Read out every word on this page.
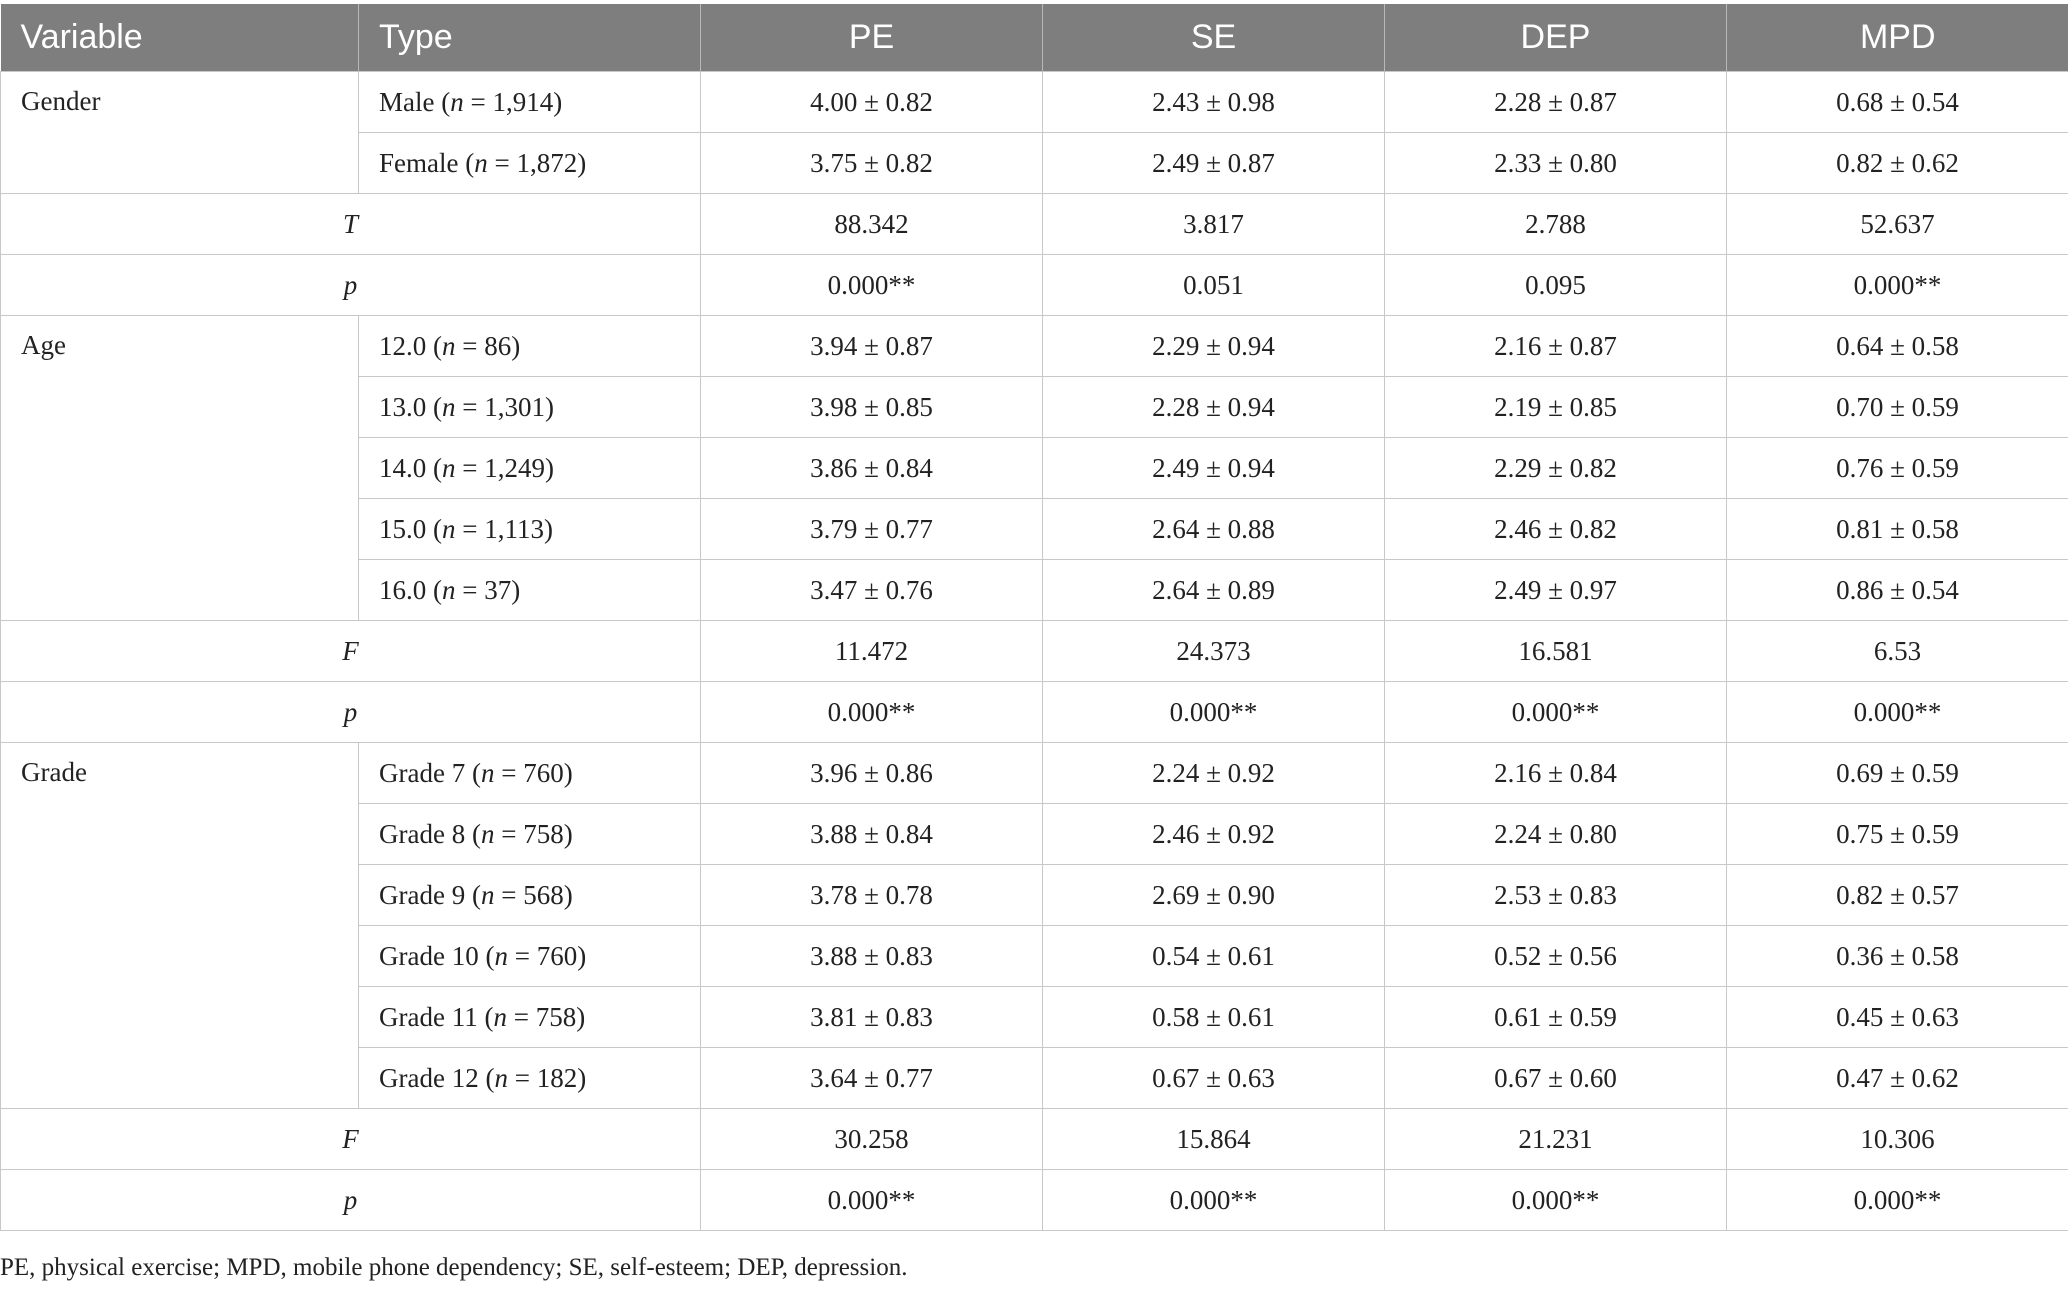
Variable	Type	PE	SE	DEP	MPD
Gender	Male (n = 1,914)	4.00 ± 0.82	2.43 ± 0.98	2.28 ± 0.87	0.68 ± 0.54
	Female (n = 1,872)	3.75 ± 0.82	2.49 ± 0.87	2.33 ± 0.80	0.82 ± 0.62
T		88.342	3.817	2.788	52.637
p		0.000**	0.051	0.095	0.000**
Age	12.0 (n = 86)	3.94 ± 0.87	2.29 ± 0.94	2.16 ± 0.87	0.64 ± 0.58
	13.0 (n = 1,301)	3.98 ± 0.85	2.28 ± 0.94	2.19 ± 0.85	0.70 ± 0.59
	14.0 (n = 1,249)	3.86 ± 0.84	2.49 ± 0.94	2.29 ± 0.82	0.76 ± 0.59
	15.0 (n = 1,113)	3.79 ± 0.77	2.64 ± 0.88	2.46 ± 0.82	0.81 ± 0.58
	16.0 (n = 37)	3.47 ± 0.76	2.64 ± 0.89	2.49 ± 0.97	0.86 ± 0.54
F		11.472	24.373	16.581	6.53
p		0.000**	0.000**	0.000**	0.000**
Grade	Grade 7 (n = 760)	3.96 ± 0.86	2.24 ± 0.92	2.16 ± 0.84	0.69 ± 0.59
	Grade 8 (n = 758)	3.88 ± 0.84	2.46 ± 0.92	2.24 ± 0.80	0.75 ± 0.59
	Grade 9 (n = 568)	3.78 ± 0.78	2.69 ± 0.90	2.53 ± 0.83	0.82 ± 0.57
	Grade 10 (n = 760)	3.88 ± 0.83	0.54 ± 0.61	0.52 ± 0.56	0.36 ± 0.58
	Grade 11 (n = 758)	3.81 ± 0.83	0.58 ± 0.61	0.61 ± 0.59	0.45 ± 0.63
	Grade 12 (n = 182)	3.64 ± 0.77	0.67 ± 0.63	0.67 ± 0.60	0.47 ± 0.62
F		30.258	15.864	21.231	10.306
p		0.000**	0.000**	0.000**	0.000**
PE, physical exercise; MPD, mobile phone dependency; SE, self-esteem; DEP, depression.
